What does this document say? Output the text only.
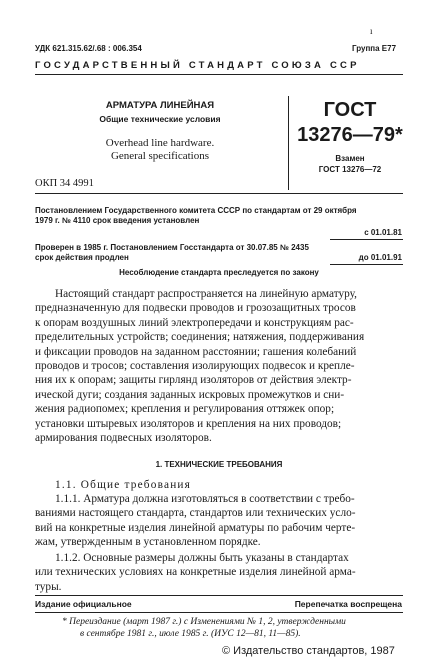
ı
УДК 621.315.62/.68 : 006.354	Группа Е77
ГОСУДАРСТВЕННЫЙ СТАНДАРТ СОЮЗА ССР
АРМАТУРА ЛИНЕЙНАЯ
Общие технические условия
Overhead line hardware.
General specifications
ОКП 34 4991
ГОСТ
13276—79*
Взамен
ГОСТ 13276—72
Постановлением Государственного комитета СССР по стандартам от 29 октября
1979 г. № 4110 срок введения установлен
с 01.01.81
Проверен в 1985 г. Постановлением Госстандарта от 30.07.85 № 2435
срок действия продлен	до 01.01.91
Несоблюдение стандарта преследуется по закону
Настоящий стандарт распространяется на линейную арматуру,
предназначенную для подвески проводов и грозозащитных тросов
к опорам воздушных линий электропередачи и конструкциям рас-
пределительных устройств; соединения; натяжения, поддерживания
и фиксации проводов на заданном расстоянии; гашения колебаний
проводов и тросов; составления изолирующих подвесок и крепле-
ния их к опорам; защиты гирлянд изоляторов от действия электр-
ической дуги; создания заданных искровых промежутков и сни-
жения радиопомех; крепления и регулирования оттяжек опор;
установки штыревых изоляторов и крепления на них проводов;
армирования подвесных изоляторов.
1. ТЕХНИЧЕСКИЕ ТРЕБОВАНИЯ
1.1. Общие требования
1.1.1. Арматура должна изготовляться в соответствии с требо-
ваниями настоящего стандарта, стандартов или технических усло-
вий на конкретные изделия линейной арматуры по рабочим черте-
жам, утвержденным в установленном порядке.
1.1.2. Основные размеры должны быть указаны в стандартах
или технических условиях на конкретные изделия линейной арма-
туры.
Издание официальное	Перепечатка воспрещена
* Переиздание (март 1987 г.) с Изменениями № 1, 2, утвержденными
в сентябре 1981 г., июле 1985 г. (ИУС 12—81, 11—85).
© Издательство стандартов, 1987
